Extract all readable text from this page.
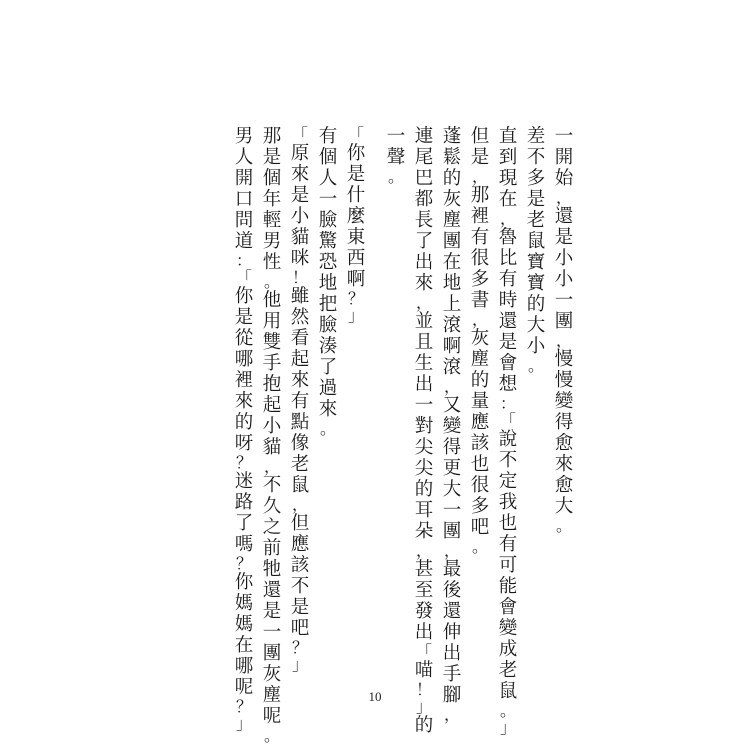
一
開
始
，
還
是
小
小
一
團
，
慢
慢
變
得
愈
來
愈
大
。
差
不
多
是
老
鼠
寶
寶
的
大
小
。
直
到
現
在
，
魯
比
有
時
還
是
會
想
：
「
說
不
定
我
也
有
可
能
會
變
成
老
鼠
。
」
但
是
，
那
裡
有
很
多
書
，
灰
塵
的
量
應
該
也
很
多
吧
。
蓬
鬆
的
灰
塵
團
在
地
上
滾
啊
滾
，
又
變
得
更
大
一
團
，
最
後
還
伸
出
手
腳
，
連
尾
巴
都
長
了
出
來
，
並
且
生
出
一
對
尖
尖
的
耳
朵
，
甚
至
發
出
「
喵
！
」
的
一
聲
。
「
你
是
什
麼
東
西
啊
？
」
有
個
人
一
臉
驚
恐
地
把
臉
湊
了
過
來
。
「
原
來
是
小
貓
咪
！
雖
然
看
起
來
有
點
像
老
鼠
，
但
應
該
不
是
吧
？
」
那
是
個
年
輕
男
性
。
他
用
雙
手
抱
起
小
貓
，
不
久
之
前
牠
還
是
一
團
灰
塵
呢
。
男
人
開
口
問
道
：
「
你
是
從
哪
裡
來
的
呀
？
迷
路
了
嗎
？
你
媽
媽
在
哪
呢
？
」
10
